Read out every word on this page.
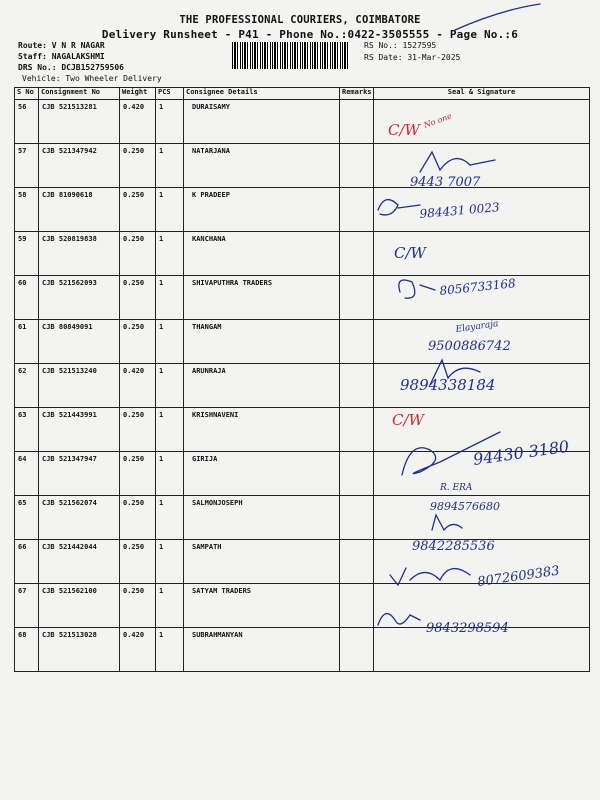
THE PROFESSIONAL COURIERS, COIMBATORE
Delivery Runsheet - P41 - Phone No.:0422-3505555 - Page No.:6
Route: V N R NAGAR
Staff: NAGALAKSHMI
DRS No.: DCJB152759506
Vehicle: Two Wheeler Delivery
RS No.: 1527595
RS Date: 31-Mar-2025
S No	Consignment No	Weight	PCS	Consignee Details	Remarks	Seal & Signature
56	CJB 521513281	0.420	1	DURAISAMY		
57	CJB 521347942	0.250	1	NATARJANA		
58	CJB 81090618	0.250	1	K PRADEEP		
59	CJB 520819838	0.250	1	KANCHANA		
60	CJB 521562093	0.250	1	SHIVAPUTHRA TRADERS		
61	CJB 80849091	0.250	1	THANGAM		
62	CJB 521513240	0.420	1	ARUNRAJA		
63	CJB 521443991	0.250	1	KRISHNAVENI		
64	CJB 521347947	0.250	1	GIRIJA		
65	CJB 521562074	0.250	1	SALMONJOSEPH		
66	CJB 521442044	0.250	1	SAMPATH		
67	CJB 521562100	0.250	1	SATYAM TRADERS		
68	CJB 521513028	0.420	1	SUBRAHMANYAN		
C/W
No one
9443 7007
984431 0023
C/W
8056733168
Elayaraja
9500886742
9894338184
C/W
94430 3180
R. ERA
9894576680
9842285536
8072609383
9843298594
